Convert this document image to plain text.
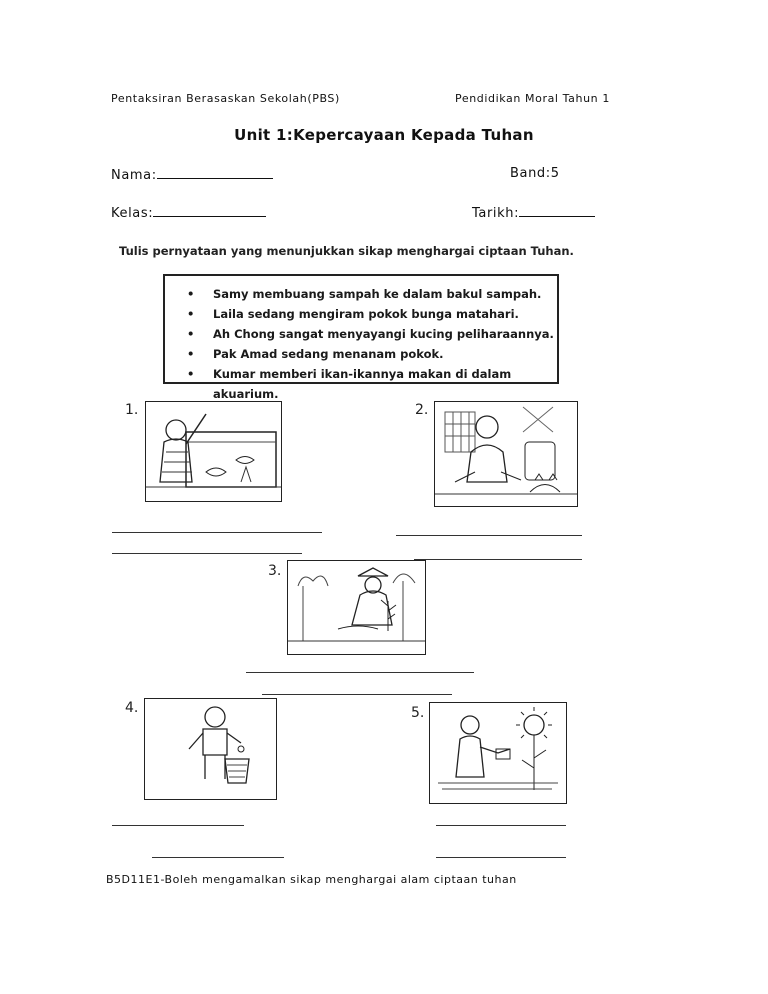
Pentaksiran Berasaskan Sekolah(PBS)	Pendidikan Moral Tahun 1
Unit 1:Kepercayaan Kepada Tuhan
Nama:	Band:5
Kelas:	Tarikh:
Tulis pernyataan yang menunjukkan sikap menghargai ciptaan Tuhan.
• Samy membuang sampah ke dalam bakul sampah.
• Laila sedang mengiram pokok bunga matahari.
• Ah Chong sangat menyayangi kucing peliharaannya.
• Pak Amad sedang menanam pokok.
• Kumar memberi ikan-ikannya makan di dalam akuarium.
1.	2.
3.
4.	5.
B5D11E1-Boleh mengamalkan sikap menghargai alam ciptaan tuhan
